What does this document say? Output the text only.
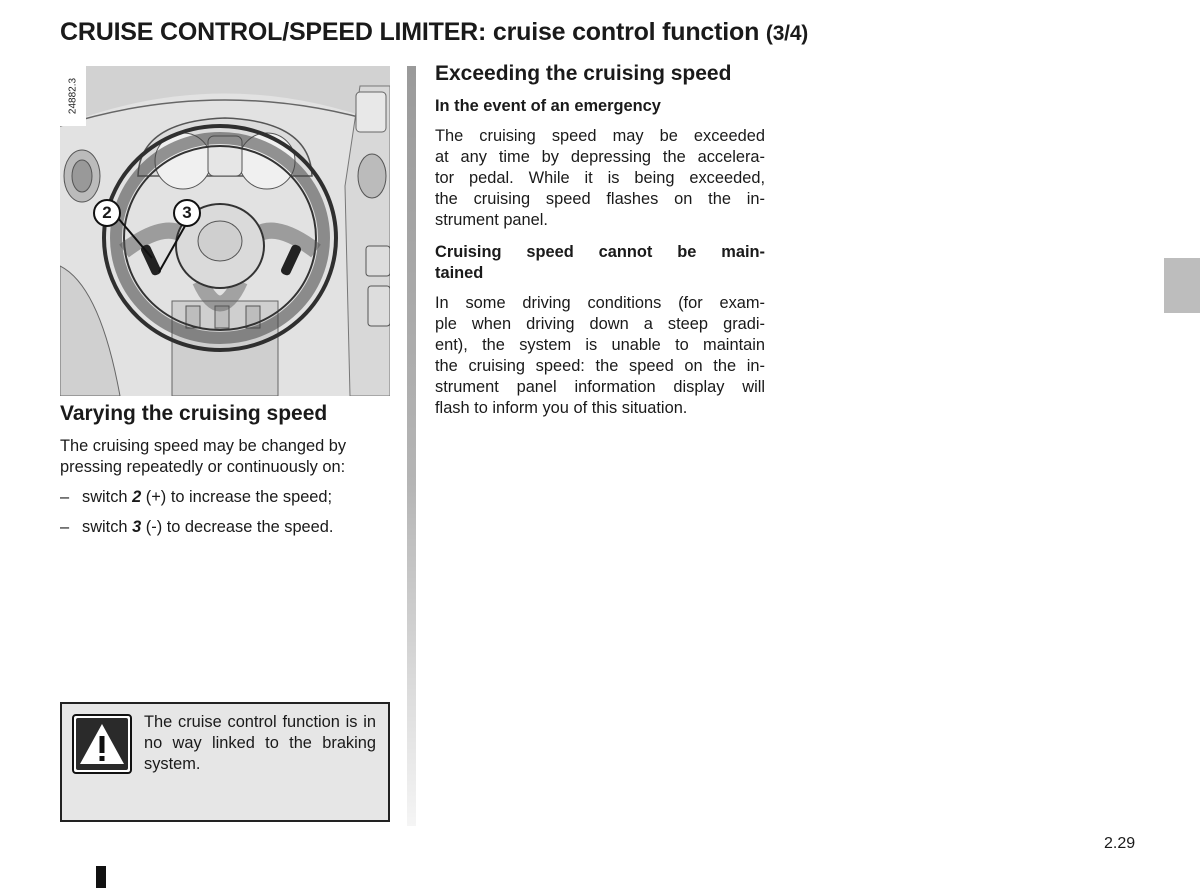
CRUISE CONTROL/SPEED LIMITER: cruise control function (3/4)
24882.3
2	3
Varying the cruising speed
The cruising speed may be changed by
pressing repeatedly or continuously on:
– switch 2 (+) to increase the speed;
– switch 3 (-) to decrease the speed.
The cruise control function is in no way linked to the braking system.
Exceeding the cruising speed
In the event of an emergency
The cruising speed may be exceeded
at any time by depressing the accelera-
tor pedal. While it is being exceeded,
the cruising speed flashes on the in-
strument panel.
Cruising speed cannot be main-
tained
In some driving conditions (for exam-
ple when driving down a steep gradi-
ent), the system is unable to maintain
the cruising speed: the speed on the in-
strument panel information display will
flash to inform you of this situation.
2.29
